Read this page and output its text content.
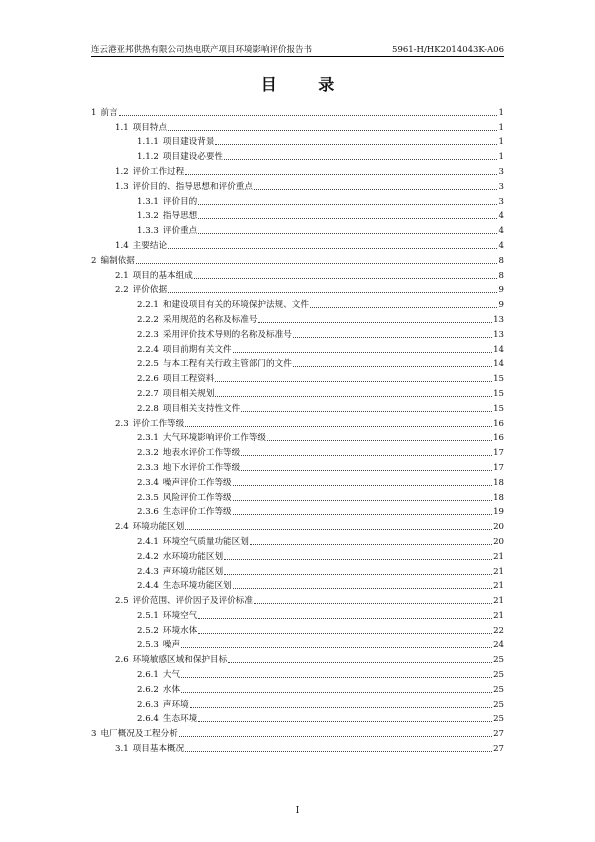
连云港亚邦供热有限公司热电联产项目环境影响评价报告书	5961-H/HK2014043K-A06
目 录
1 前言	1
1.1 项目特点	1
1.1.1 项目建设背景	1
1.1.2 项目建设必要性	1
1.2 评价工作过程	3
1.3 评价目的、指导思想和评价重点	3
1.3.1 评价目的	3
1.3.2 指导思想	4
1.3.3 评价重点	4
1.4 主要结论	4
2 编制依据	8
2.1 项目的基本组成	8
2.2 评价依据	9
2.2.1 和建设项目有关的环境保护法规、文件	9
2.2.2 采用规范的名称及标准号	13
2.2.3 采用评价技术导则的名称及标准号	13
2.2.4 项目前期有关文件	14
2.2.5 与本工程有关行政主管部门的文件	14
2.2.6 项目工程资料	15
2.2.7 项目相关规划	15
2.2.8 项目相关支持性文件	15
2.3 评价工作等级	16
2.3.1 大气环境影响评价工作等级	16
2.3.2 地表水评价工作等级	17
2.3.3 地下水评价工作等级	17
2.3.4 噪声评价工作等级	18
2.3.5 风险评价工作等级	18
2.3.6 生态评价工作等级	19
2.4 环境功能区划	20
2.4.1 环境空气质量功能区划	20
2.4.2 水环境功能区划	21
2.4.3 声环境功能区划	21
2.4.4 生态环境功能区划	21
2.5 评价范围、评价因子及评价标准	21
2.5.1 环境空气	21
2.5.2 环境水体	22
2.5.3 噪声	24
2.6 环境敏感区域和保护目标	25
2.6.1 大气	25
2.6.2 水体	25
2.6.3 声环境	25
2.6.4 生态环境	25
3 电厂概况及工程分析	27
3.1 项目基本概况	27
I
